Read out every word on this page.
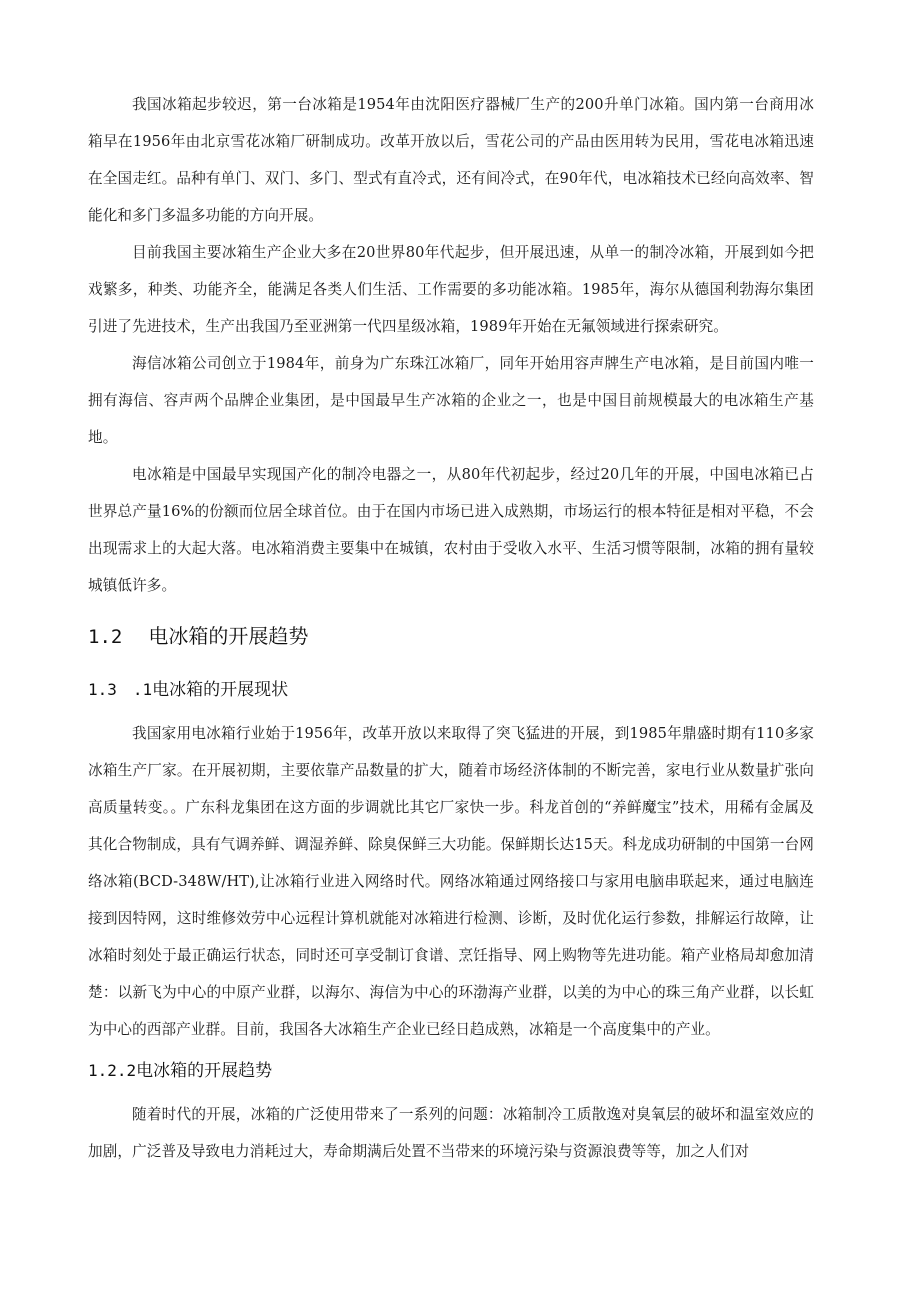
我国冰箱起步较迟，第一台冰箱是1954年由沈阳医疗器械厂生产的200升单门冰箱。国内第一台商用冰箱早在1956年由北京雪花冰箱厂研制成功。改革开放以后，雪花公司的产品由医用转为民用，雪花电冰箱迅速在全国走红。品种有单门、双门、多门、型式有直冷式，还有间冷式，在90年代，电冰箱技术已经向高效率、智能化和多门多温多功能的方向开展。

目前我国主要冰箱生产企业大多在20世界80年代起步，但开展迅速，从单一的制冷冰箱，开展到如今把戏繁多，种类、功能齐全，能满足各类人们生活、工作需要的多功能冰箱。1985年，海尔从德国利勃海尔集团引进了先进技术，生产出我国乃至亚洲第一代四星级冰箱，1989年开始在无氟领域进行探索研究。

海信冰箱公司创立于1984年，前身为广东珠江冰箱厂，同年开始用容声牌生产电冰箱，是目前国内唯一拥有海信、容声两个品牌企业集团，是中国最早生产冰箱的企业之一，也是中国目前规模最大的电冰箱生产基地。

电冰箱是中国最早实现国产化的制冷电器之一，从80年代初起步，经过20几年的开展，中国电冰箱已占世界总产量16%的份额而位居全球首位。由于在国内市场已进入成熟期，市场运行的根本特征是相对平稳，不会出现需求上的大起大落。电冰箱消费主要集中在城镇，农村由于受收入水平、生活习惯等限制，冰箱的拥有量较城镇低许多。

1.2 电冰箱的开展趋势
1.3　.1电冰箱的开展现状

我国家用电冰箱行业始于1956年，改革开放以来取得了突飞猛进的开展，到1985年鼎盛时期有110多家冰箱生产厂家。在开展初期，主要依靠产品数量的扩大，随着市场经济体制的不断完善，家电行业从数量扩张向高质量转变。。广东科龙集团在这方面的步调就比其它厂家快一步。科龙首创的“养鲜魔宝”技术，用稀有金属及其化合物制成，具有气调养鲜、调湿养鲜、除臭保鲜三大功能。保鲜期长达15天。科龙成功研制的中国第一台网络冰箱(BCD-348W/HT),让冰箱行业进入网络时代。网络冰箱通过网络接口与家用电脑串联起来，通过电脑连接到因特网，这时维修效劳中心远程计算机就能对冰箱进行检测、诊断，及时优化运行参数，排解运行故障，让冰箱时刻处于最正确运行状态，同时还可享受制订食谱、烹饪指导、网上购物等先进功能。箱产业格局却愈加清楚：以新飞为中心的中原产业群，以海尔、海信为中心的环渤海产业群，以美的为中心的珠三角产业群，以长虹为中心的西部产业群。目前，我国各大冰箱生产企业已经日趋成熟，冰箱是一个高度集中的产业。

1.2.2电冰箱的开展趋势

随着时代的开展，冰箱的广泛使用带来了一系列的问题：冰箱制冷工质散逸对臭氧层的破坏和温室效应的加剧，广泛普及导致电力消耗过大，寿命期满后处置不当带来的环境污染与资源浪费等等，加之人们对
